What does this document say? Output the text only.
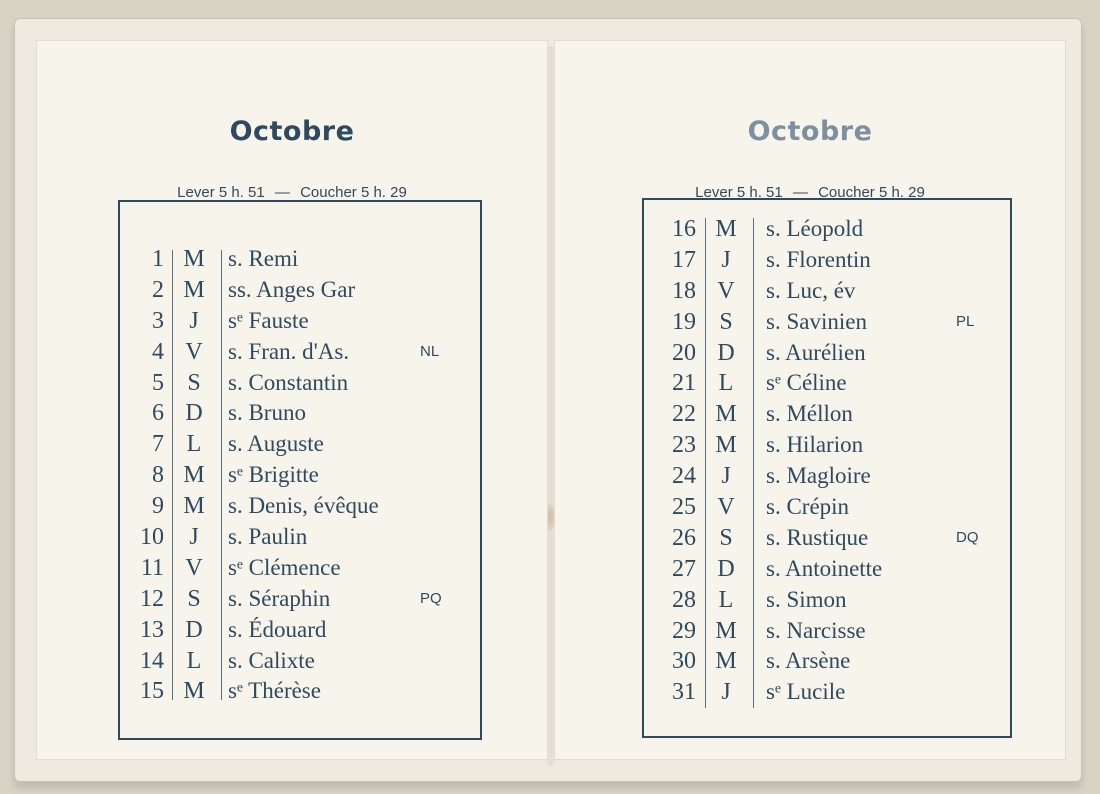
Octobre
Lever 5 h. 51 — Coucher 5 h. 29
1 M	s. Remi
2 M	ss. Anges Gar
3	J	sᵉ Fauste
4 V	s. Fran. d'As.	NL
5 S	s. Constantin
6 D	s. Bruno
7 L	s. Auguste
8 M	sᵉ Brigitte
9 M	s. Denis, évêque
10	J	s. Paulin
11 V	sᵉ Clémence
12 S	s. Séraphin	PQ
13 D	s. Édouard
14 L	s. Calixte
15 M	sᵉ Thérèse
Octobre
Lever 5 h. 51 — Coucher 5 h. 29
16 M	s. Léopold
17	J	s. Florentin
18 V	s. Luc, év
19 S	s. Savinien	PL
20 D	s. Aurélien
21 L	sᵉ Céline
22 M	s. Méllon
23 M	s. Hilarion
24	J	s. Magloire
25 V	s. Crépin
26 S	s. Rustique	DQ
27 D	s. Antoinette
28 L	s. Simon
29 M	s. Narcisse
30 M	s. Arsène
31	J	sᵉ Lucile
